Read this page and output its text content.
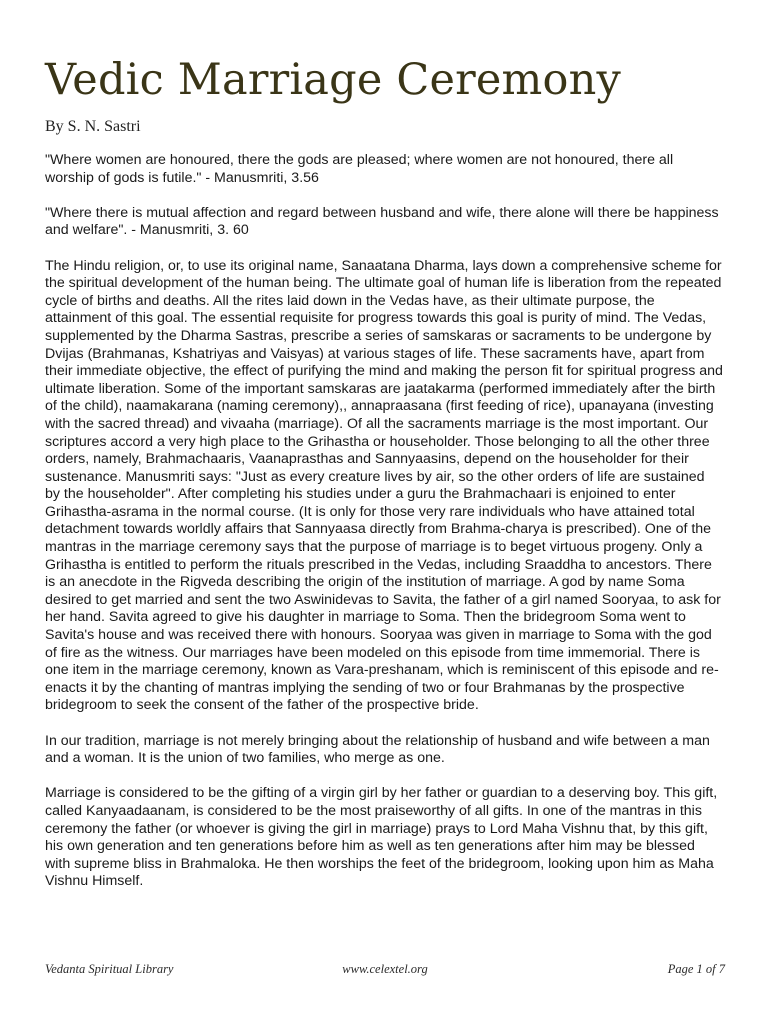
Vedic Marriage Ceremony
By S. N. Sastri

"Where women are honoured, there the gods are pleased; where women are not honoured, there all worship of gods is futile." - Manusmriti, 3.56

"Where there is mutual affection and regard between husband and wife, there alone will there be happiness and welfare". - Manusmriti, 3. 60

The Hindu religion, or, to use its original name, Sanaatana Dharma, lays down a comprehensive scheme for the spiritual development of the human being. The ultimate goal of human life is liberation from the repeated cycle of births and deaths. All the rites laid down in the Vedas have, as their ultimate purpose, the attainment of this goal. The essential requisite for progress towards this goal is purity of mind. The Vedas, supplemented by the Dharma Sastras, prescribe a series of samskaras or sacraments to be undergone by Dvijas (Brahmanas, Kshatriyas and Vaisyas) at various stages of life. These sacraments have, apart from their immediate objective, the effect of purifying the mind and making the person fit for spiritual progress and ultimate liberation. Some of the important samskaras are jaatakarma (performed immediately after the birth of the child), naamakarana (naming ceremony),, annapraasana (first feeding of rice), upanayana (investing with the sacred thread) and vivaaha (marriage). Of all the sacraments marriage is the most important. Our scriptures accord a very high place to the Grihastha or householder. Those belonging to all the other three orders, namely, Brahmachaaris, Vaanaprasthas and Sannyaasins, depend on the householder for their sustenance. Manusmriti says: "Just as every creature lives by air, so the other orders of life are sustained by the householder". After completing his studies under a guru the Brahmachaari is enjoined to enter Grihastha-asrama in the normal course. (It is only for those very rare individuals who have attained total detachment towards worldly affairs that Sannyaasa directly from Brahma-charya is prescribed). One of the mantras in the marriage ceremony says that the purpose of marriage is to beget virtuous progeny. Only a Grihastha is entitled to perform the rituals prescribed in the Vedas, including Sraaddha to ancestors. There is an anecdote in the Rigveda describing the origin of the institution of marriage. A god by name Soma desired to get married and sent the two Aswinidevas to Savita, the father of a girl named Sooryaa, to ask for her hand. Savita agreed to give his daughter in marriage to Soma. Then the bridegroom Soma went to Savita's house and was received there with honours. Sooryaa was given in marriage to Soma with the god of fire as the witness. Our marriages have been modeled on this episode from time immemorial. There is one item in the marriage ceremony, known as Vara-preshanam, which is reminiscent of this episode and re-enacts it by the chanting of mantras implying the sending of two or four Brahmanas by the prospective bridegroom to seek the consent of the father of the prospective bride.

In our tradition, marriage is not merely bringing about the relationship of husband and wife between a man and a woman. It is the union of two families, who merge as one.

Marriage is considered to be the gifting of a virgin girl by her father or guardian to a deserving boy. This gift, called Kanyaadaanam, is considered to be the most praiseworthy of all gifts. In one of the mantras in this ceremony the father (or whoever is giving the girl in marriage) prays to Lord Maha Vishnu that, by this gift, his own generation and ten generations before him as well as ten generations after him may be blessed with supreme bliss in Brahmaloka. He then worships the feet of the bridegroom, looking upon him as Maha Vishnu Himself.

Vedanta Spiritual Library	www.celextel.org	Page 1 of 7
